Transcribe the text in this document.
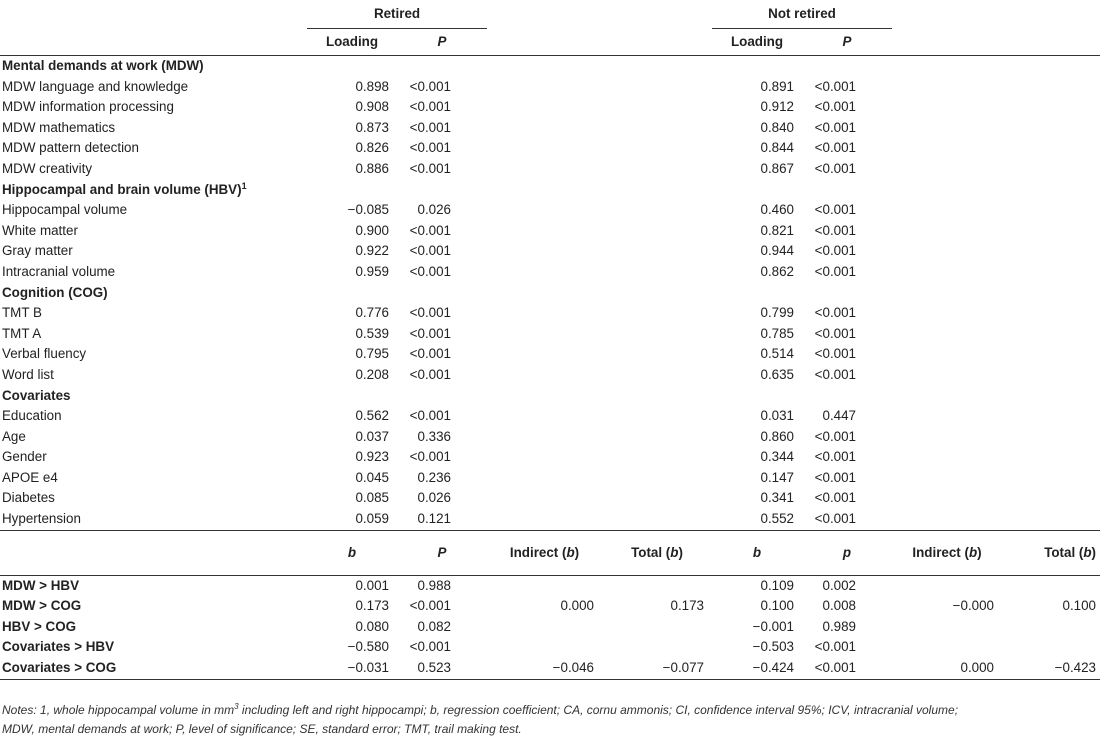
	Retired				Not retired			
	Loading	P			Loading	P		
Mental demands at work (MDW)								
MDW language and knowledge	0.898	<0.001			0.891	<0.001		
MDW information processing	0.908	<0.001			0.912	<0.001		
MDW mathematics	0.873	<0.001			0.840	<0.001		
MDW pattern detection	0.826	<0.001			0.844	<0.001		
MDW creativity	0.886	<0.001			0.867	<0.001		
Hippocampal and brain volume (HBV)$^1$	
Hippocampal volume	−0.085	0.026			0.460	<0.001		
White matter	0.900	<0.001			0.821	<0.001		
Gray matter	0.922	<0.001			0.944	<0.001		
Intracranial volume	0.959	<0.001			0.862	<0.001		
Cognition (COG)								
TMT B	0.776	<0.001			0.799	<0.001		
TMT A	0.539	<0.001			0.785	<0.001		
Verbal fluency	0.795	<0.001			0.514	<0.001		
Word list	0.208	<0.001			0.635	<0.001		
Covariates								
Education	0.562	<0.001			0.031	0.447		
Age	0.037	0.336			0.860	<0.001		
Gender	0.923	<0.001			0.344	<0.001		
APOE e4	0.045	0.236			0.147	<0.001		
Diabetes	0.085	0.026			0.341	<0.001		
Hypertension	0.059	0.121			0.552	<0.001		
	b	P	Indirect (b)	Total (b)	b	p	Indirect (b)	Total (b)
MDW > HBV	0.001	0.988			0.109	0.002		
MDW > COG	0.173	<0.001	0.000	0.173	0.100	0.008	−0.000	0.100
HBV > COG	0.080	0.082			−0.001	0.989		
Covariates > HBV	−0.580	<0.001			−0.503	<0.001		
Covariates > COG	−0.031	0.523	−0.046	−0.077	−0.424	<0.001	0.000	−0.423
Notes: 1, whole hippocampal volume in $mm^3$ including left and right hippocampi; b, regression coefficient; CA, cornu ammonis; CI, confidence interval 95%; ICV, intracranial volume;
MDW, mental demands at work; P, level of significance; SE, standard error; TMT, trail making test.
